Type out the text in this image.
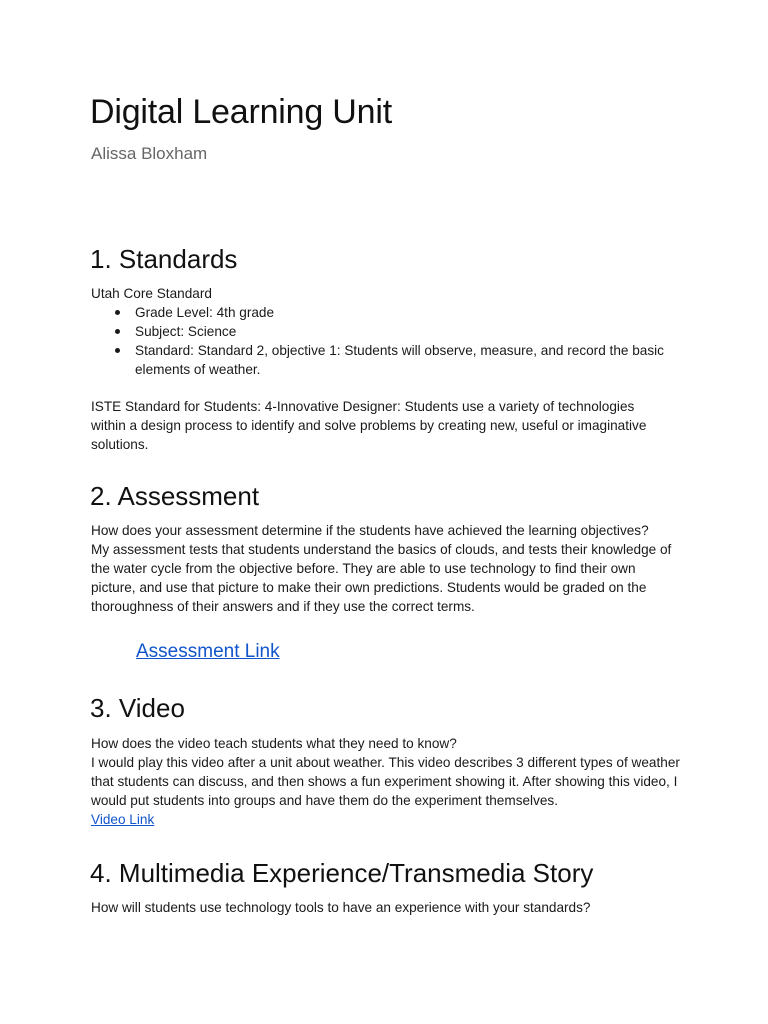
Digital Learning Unit

Alissa Bloxham

1. Standards

Utah Core Standard

Grade Level: 4th grade
Subject: Science
Standard: Standard 2, objective 1: Students will observe, measure, and record the basic elements of weather.

ISTE Standard for Students: 4-Innovative Designer: Students use a variety of technologies within a design process to identify and solve problems by creating new, useful or imaginative solutions.

2. Assessment

How does your assessment determine if the students have achieved the learning objectives?

My assessment tests that students understand the basics of clouds, and tests their knowledge of the water cycle from the objective before. They are able to use technology to find their own picture, and use that picture to make their own predictions. Students would be graded on the thoroughness of their answers and if they use the correct terms.

Assessment Link
3. Video

How does the video teach students what they need to know?

I would play this video after a unit about weather. This video describes 3 different types of weather that students can discuss, and then shows a fun experiment showing it. After showing this video, I would put students into groups and have them do the experiment themselves.

Video Link
4. Multimedia Experience/Transmedia Story

How will students use technology tools to have an experience with your standards?
